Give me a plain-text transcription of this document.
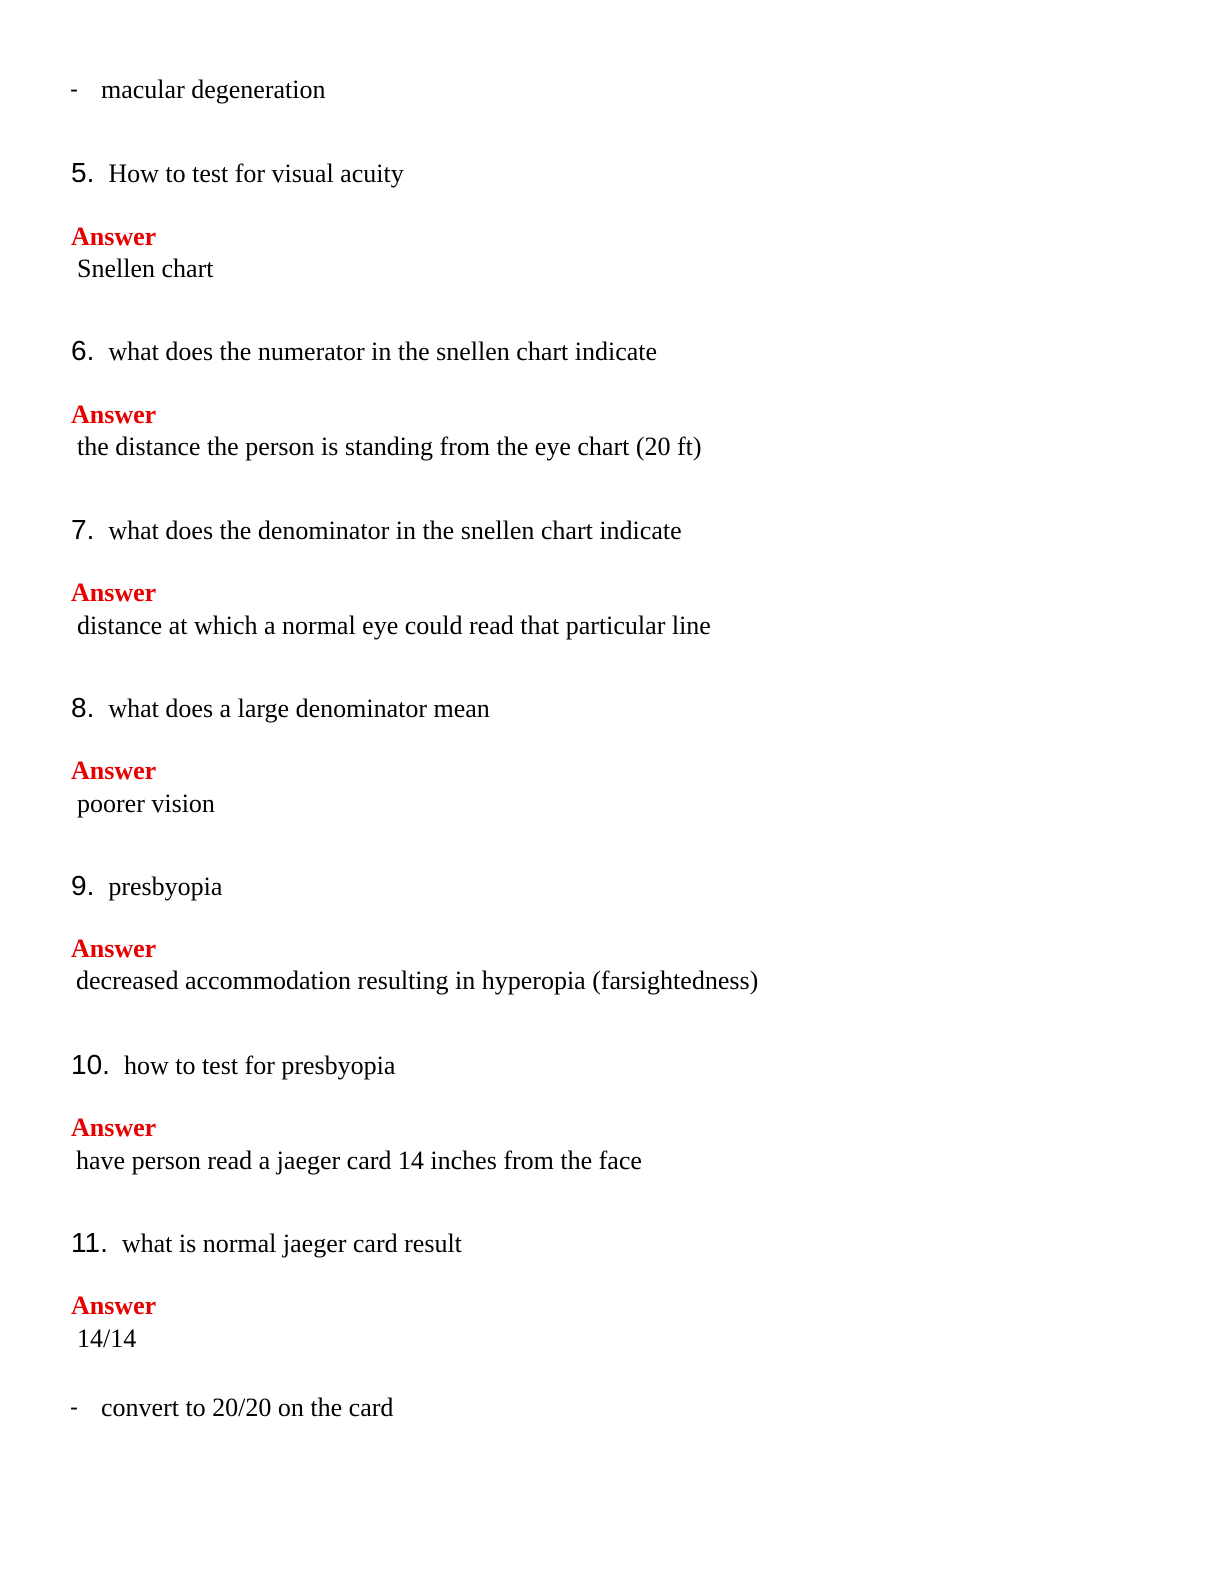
- macular degeneration
5. How to test for visual acuity
Answer
Snellen chart
6. what does the numerator in the snellen chart indicate
Answer
the distance the person is standing from the eye chart (20 ft)
7. what does the denominator in the snellen chart indicate
Answer
distance at which a normal eye could read that particular line
8. what does a large denominator mean
Answer
poorer vision
9. presbyopia
Answer
decreased accommodation resulting in hyperopia (farsightedness)
10. how to test for presbyopia
Answer
have person read a jaeger card 14 inches from the face
11. what is normal jaeger card result
Answer
14/14
- convert to 20/20 on the card
